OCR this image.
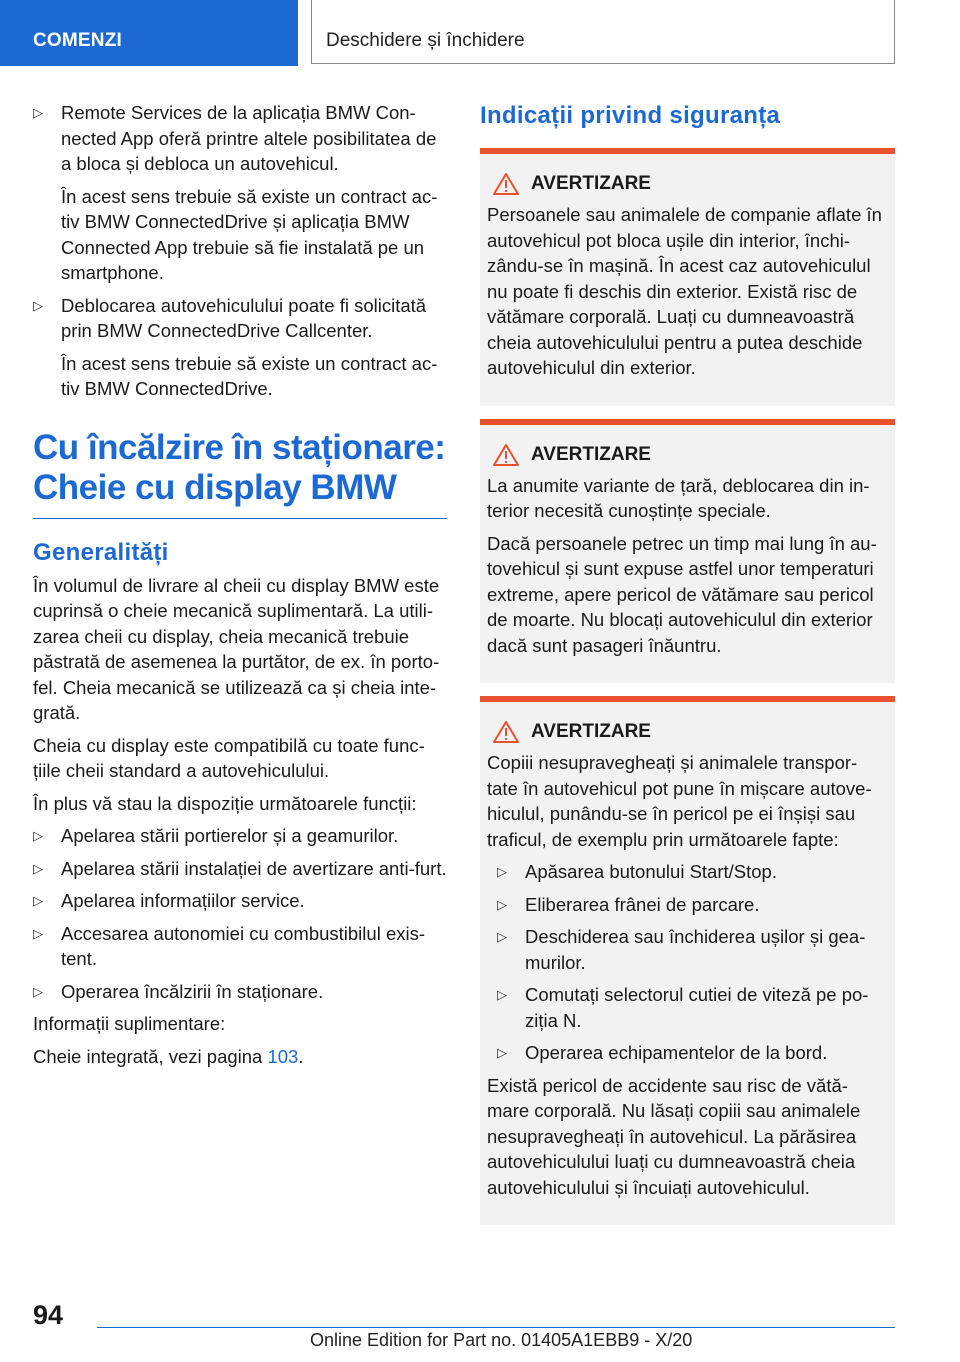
COMENZI	Deschidere și închidere
▷ Remote Services de la aplicația BMW Con-nected App oferă printre altele posibilitatea de a bloca și debloca un autovehicul.

În acest sens trebuie să existe un contract ac-tiv BMW ConnectedDrive și aplicația BMW Connected App trebuie să fie instalată pe un smartphone.

▷ Deblocarea autovehiculului poate fi solicitată prin BMW ConnectedDrive Callcenter.

În acest sens trebuie să existe un contract ac-tiv BMW ConnectedDrive.

Cu încălzire în staționare:
Cheie cu display BMW
Generalități

În volumul de livrare al cheii cu display BMW este cuprinsă o cheie mecanică suplimentară. La utili-zarea cheii cu display, cheia mecanică trebuie păstrată de asemenea la purtător, de ex. în porto-fel. Cheia mecanică se utilizează ca și cheia inte-grată.

Cheia cu display este compatibilă cu toate func-țiile cheii standard a autovehiculului.

În plus vă stau la dispoziție următoarele funcții:

▷ Apelarea stării portierelor și a geamurilor.
▷ Apelarea stării instalației de avertizare anti-furt.
▷ Apelarea informațiilor service.
▷ Accesarea autonomiei cu combustibilul exis-tent.
▷ Operarea încălzirii în staționare.

Informații suplimentare:

Cheie integrată, vezi pagina 103.

Indicații privind siguranța
AVERTIZARE

Persoanele sau animalele de companie aflate în autovehicul pot bloca ușile din interior, închi-zându-se în mașină. În acest caz autovehiculul nu poate fi deschis din exterior. Există risc de vătămare corporală. Luați cu dumneavoastră cheia autovehiculului pentru a putea deschide autovehiculul din exterior.

AVERTIZARE

La anumite variante de țară, deblocarea din in-terior necesită cunoștințe speciale.

Dacă persoanele petrec un timp mai lung în au-tovehicul și sunt expuse astfel unor temperaturi extreme, apere pericol de vătămare sau pericol de moarte. Nu blocați autovehiculul din exterior dacă sunt pasageri înăuntru.

AVERTIZARE

Copiii nesupravegheați și animalele transpor-tate în autovehicul pot pune în mișcare autove-hiculul, punându-se în pericol pe ei înșiși sau traficul, de exemplu prin următoarele fapte:

▷ Apăsarea butonului Start/Stop.
▷ Eliberarea frânei de parcare.
▷ Deschiderea sau închiderea ușilor și gea-murilor.
▷ Comutați selectorul cutiei de viteză pe po-ziția N.
▷ Operarea echipamentelor de la bord.

Există pericol de accidente sau risc de vătă-mare corporală. Nu lăsați copiii sau animalele nesupravegheați în autovehicul. La părăsirea autovehiculului luați cu dumneavoastră cheia autovehiculului și încuiați autovehiculul.

94
Online Edition for Part no. 01405A1EBB9 - X/20
